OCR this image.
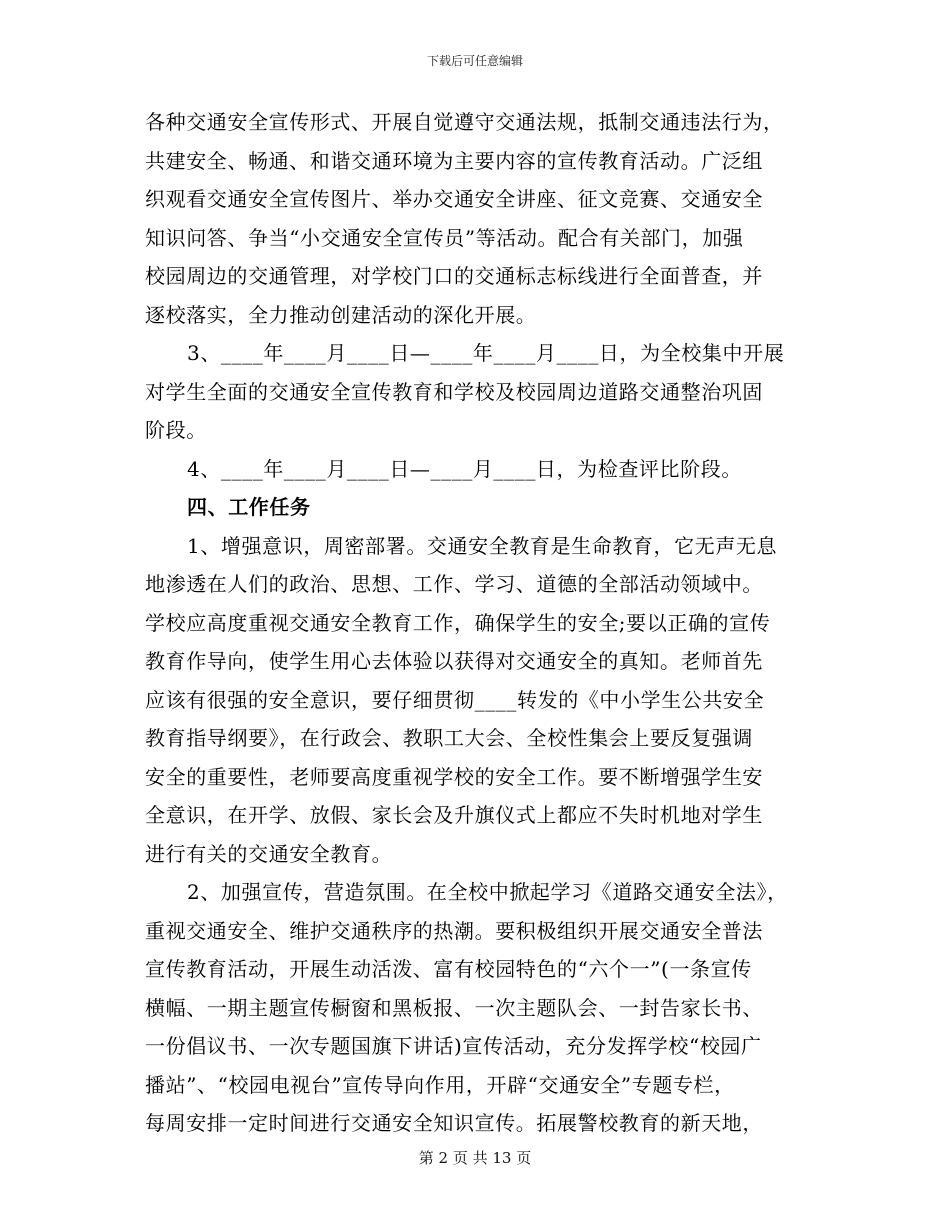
下载后可任意编辑
各种交通安全宣传形式、开展自觉遵守交通法规，抵制交通违法行为，
共建安全、畅通、和谐交通环境为主要内容的宣传教育活动。广泛组
织观看交通安全宣传图片、举办交通安全讲座、征文竞赛、交通安全
知识问答、争当“小交通安全宣传员”等活动。配合有关部门，加强
校园周边的交通管理，对学校门口的交通标志标线进行全面普查，并
逐校落实，全力推动创建活动的深化开展。
3、____年____月____日—____年____月____日，为全校集中开展
对学生全面的交通安全宣传教育和学校及校园周边道路交通整治巩固
阶段。
4、____年____月____日—____月____日，为检查评比阶段。
四、工作任务
1、增强意识，周密部署。交通安全教育是生命教育，它无声无息
地渗透在人们的政治、思想、工作、学习、道德的全部活动领域中。
学校应高度重视交通安全教育工作，确保学生的安全;要以正确的宣传
教育作导向，使学生用心去体验以获得对交通安全的真知。老师首先
应该有很强的安全意识，要仔细贯彻____转发的《中小学生公共安全
教育指导纲要》，在行政会、教职工大会、全校性集会上要反复强调
安全的重要性，老师要高度重视学校的安全工作。要不断增强学生安
全意识，在开学、放假、家长会及升旗仪式上都应不失时机地对学生
进行有关的交通安全教育。
2、加强宣传，营造氛围。在全校中掀起学习《道路交通安全法》，
重视交通安全、维护交通秩序的热潮。要积极组织开展交通安全普法
宣传教育活动，开展生动活泼、富有校园特色的“六个一”(一条宣传
横幅、一期主题宣传橱窗和黑板报、一次主题队会、一封告家长书、
一份倡议书、一次专题国旗下讲话)宣传活动，充分发挥学校“校园广
播站”、“校园电视台”宣传导向作用，开辟“交通安全”专题专栏，
每周安排一定时间进行交通安全知识宣传。拓展警校教育的新天地，
第 2 页 共 13 页
